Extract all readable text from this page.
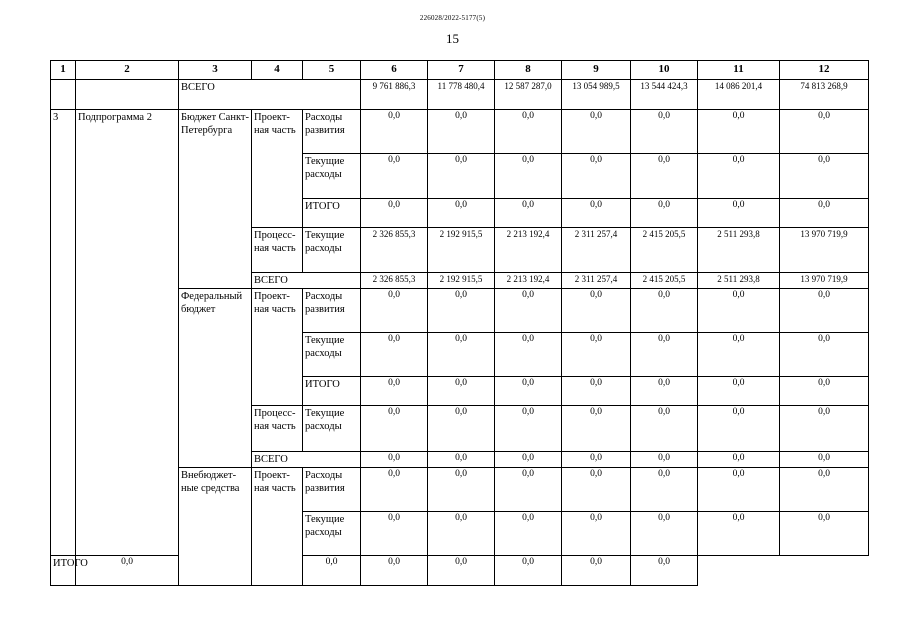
226028/2022-5177(5)
15
1	2	3	4	5	6	7	8	9	10	11	12
		ВСЕГО			9 761 886,3	11 778 480,4	12 587 287,0	13 054 989,5	13 544 424,3	14 086 201,4	74 813 268,9
3	Подпрограмма 2	Бюджет Санкт-Петербурга	Проект-ная часть	Расходы развития	0,0	0,0	0,0	0,0	0,0	0,0	0,0
				Текущие расходы	0,0	0,0	0,0	0,0	0,0	0,0	0,0
				ИТОГО	0,0	0,0	0,0	0,0	0,0	0,0	0,0
			Процесс-ная часть	Текущие расходы	2 326 855,3	2 192 915,5	2 213 192,4	2 311 257,4	2 415 205,5	2 511 293,8	13 970 719,9
			ВСЕГО		2 326 855,3	2 192 915,5	2 213 192,4	2 311 257,4	2 415 205,5	2 511 293,8	13 970 719,9

		Федеральный бюджет	Проект-ная часть	Расходы развития	0,0	0,0	0,0	0,0	0,0	0,0	0,0
				Текущие расходы	0,0	0,0	0,0	0,0	0,0	0,0	0,0
				ИТОГО	0,0	0,0	0,0	0,0	0,0	0,0	0,0
			Процесс-ная часть	Текущие расходы	0,0	0,0	0,0	0,0	0,0	0,0	0,0
			ВСЕГО		0,0	0,0	0,0	0,0	0,0	0,0	0,0
		Внебюджет-ные средства	Проект-ная часть	Расходы развития	0,0	0,0	0,0	0,0	0,0	0,0	0,0
				Текущие расходы	0,0	0,0	0,0	0,0	0,0	0,0	0,0
ИТОГО	0,0			0,0	0,0	0,0	0,0	0,0	0,0		
